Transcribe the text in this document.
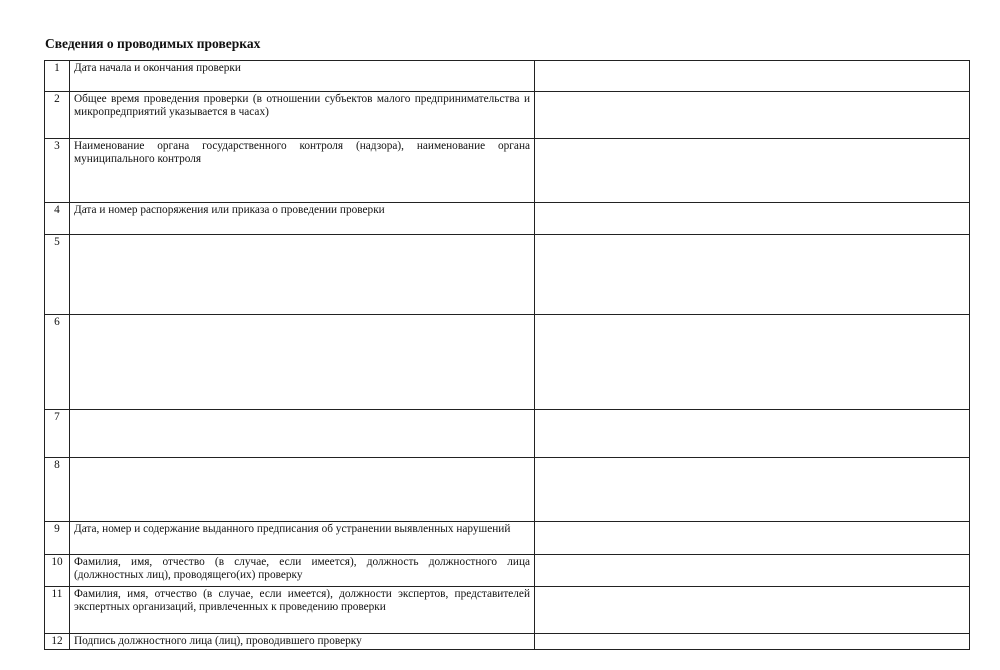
Сведения о проводимых проверках
1	Дата начала и окончания проверки	
2	Общее время проведения проверки (в отношении субъектов малого предпринимательства и микропредприятий указывается в часах)	
3	Наименование органа государственного контроля (надзора), наименование органа муниципального контроля	
4	Дата и номер распоряжения или приказа о проведении проверки	
5		
6		
7		
8		
9	Дата, номер и содержание выданного предписания об устранении выявленных нарушений	
10	Фамилия, имя, отчество (в случае, если имеется), должность должностного лица (должностных лиц), проводящего(их) проверку	
11	Фамилия, имя, отчество (в случае, если имеется), должности экспертов, представителей экспертных организаций, привлеченных к проведению проверки	
12	Подпись должностного лица (лиц), проводившего проверку	
